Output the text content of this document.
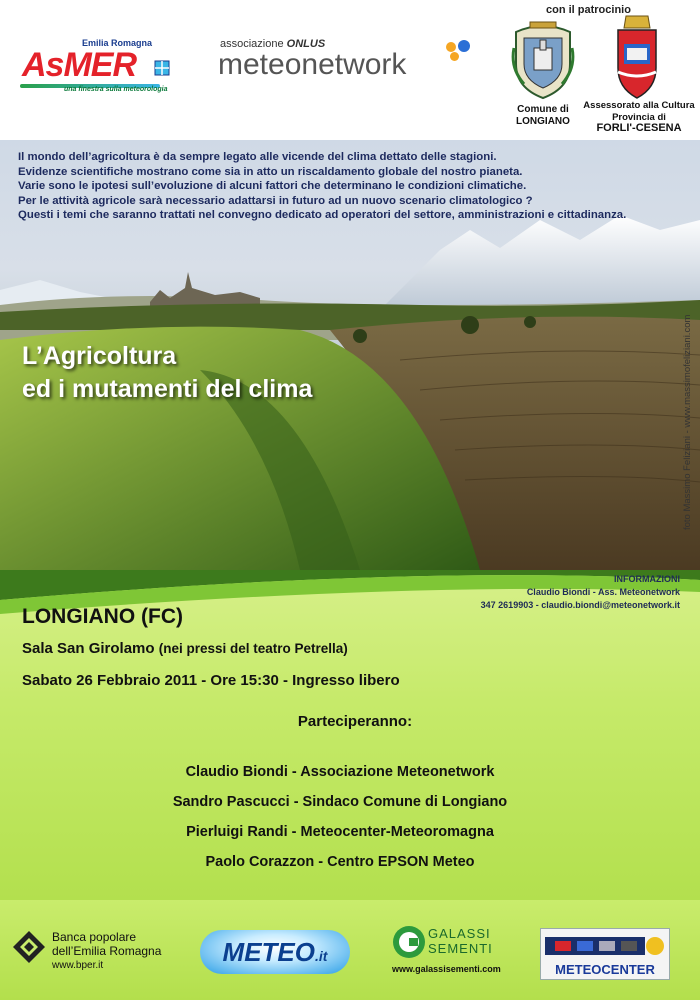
Emilia Romagna
AsMER
una finestra sulla meteorologia
associazione ONLUS
meteonetwork
con il patrocinio
Comune di
LONGIANO
Assessorato alla Cultura
Provincia di
FORLI'-CESENA
Il mondo dell’agricoltura è da sempre legato alle vicende del clima dettato delle stagioni.
Evidenze scientifiche mostrano come sia in atto un riscaldamento globale del nostro pianeta.
Varie sono le ipotesi sull’evoluzione di alcuni fattori che determinano le condizioni climatiche.
Per le attività agricole sarà necessario adattarsi in futuro ad un nuovo scenario climatologico ?
Questi i temi che saranno trattati nel convegno dedicato ad operatori del settore, amministrazioni e cittadinanza.
L’Agricoltura
ed i mutamenti del clima	foto Massimo Feliziani - www.massimofeliziani.com
INFORMAZIONI
Claudio Biondi - Ass. Meteonetwork
347 2619903 - claudio.biondi@meteonetwork.it
LONGIANO (FC)
Sala San Girolamo (nei pressi del teatro Petrella)
Sabato 26 Febbraio 2011 - Ore 15:30 - Ingresso libero
Parteciperanno:
Claudio Biondi - Associazione Meteonetwork
Sandro Pascucci - Sindaco Comune di Longiano
Pierluigi Randi - Meteocenter-Meteoromagna
Paolo Corazzon - Centro EPSON Meteo
Banca popolare
dell’Emilia Romagna
www.bper.it	METEO.it
GALASSI
SEMENTI
www.galassisementi.com	METEOCENTER
